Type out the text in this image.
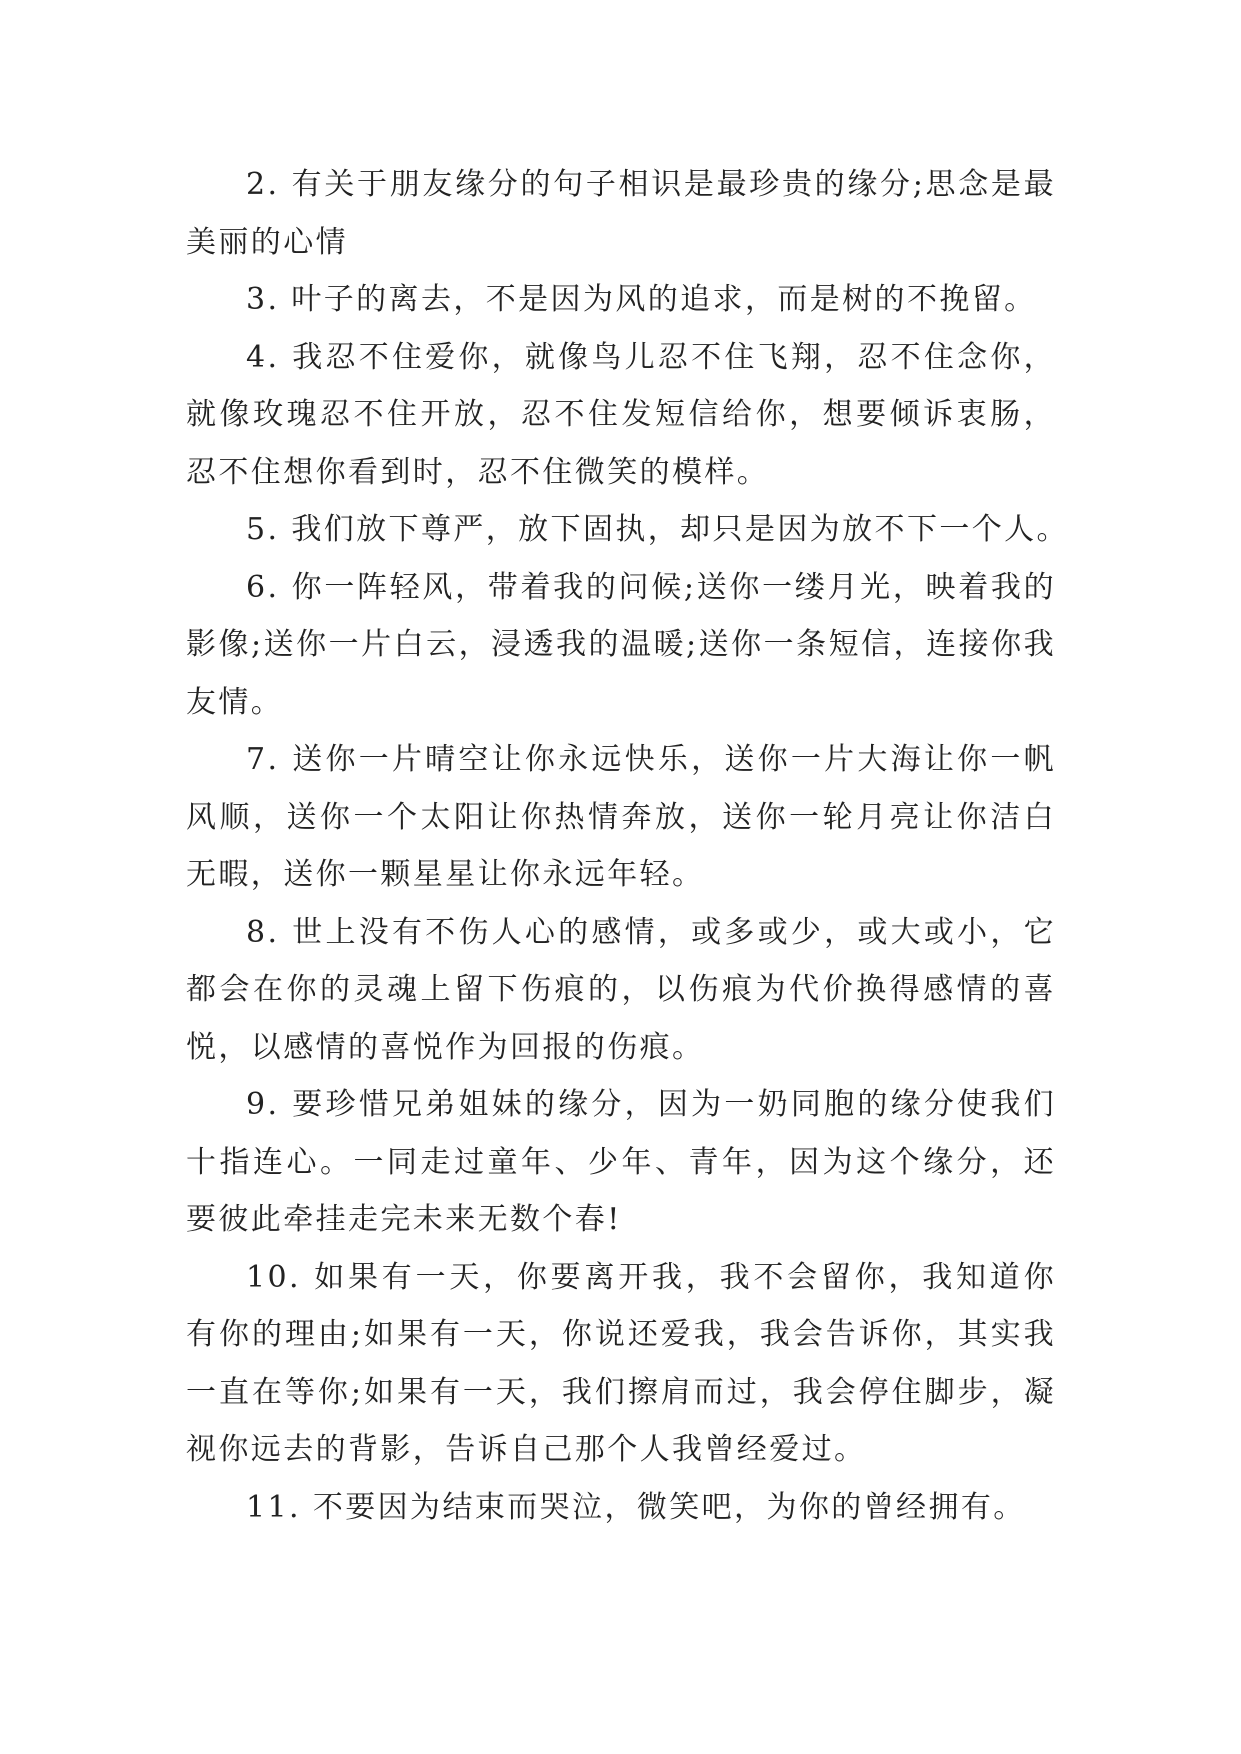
2. 有关于朋友缘分的句子相识是最珍贵的缘分;思念是最美丽的心情

3. 叶子的离去，不是因为风的追求，而是树的不挽留。

4. 我忍不住爱你，就像鸟儿忍不住飞翔，忍不住念你，就像玫瑰忍不住开放，忍不住发短信给你，想要倾诉衷肠，忍不住想你看到时，忍不住微笑的模样。

5. 我们放下尊严，放下固执，却只是因为放不下一个人。

6. 你一阵轻风，带着我的问候;送你一缕月光，映着我的影像;送你一片白云，浸透我的温暖;送你一条短信，连接你我友情。

7. 送你一片晴空让你永远快乐，送你一片大海让你一帆风顺，送你一个太阳让你热情奔放，送你一轮月亮让你洁白无暇，送你一颗星星让你永远年轻。

8. 世上没有不伤人心的感情，或多或少，或大或小，它都会在你的灵魂上留下伤痕的，以伤痕为代价换得感情的喜悦，以感情的喜悦作为回报的伤痕。

9. 要珍惜兄弟姐妹的缘分，因为一奶同胞的缘分使我们十指连心。一同走过童年、少年、青年，因为这个缘分，还要彼此牵挂走完未来无数个春!

10. 如果有一天，你要离开我，我不会留你，我知道你有你的理由;如果有一天，你说还爱我，我会告诉你，其实我一直在等你;如果有一天，我们擦肩而过，我会停住脚步，凝视你远去的背影，告诉自己那个人我曾经爱过。

11. 不要因为结束而哭泣，微笑吧，为你的曾经拥有。
